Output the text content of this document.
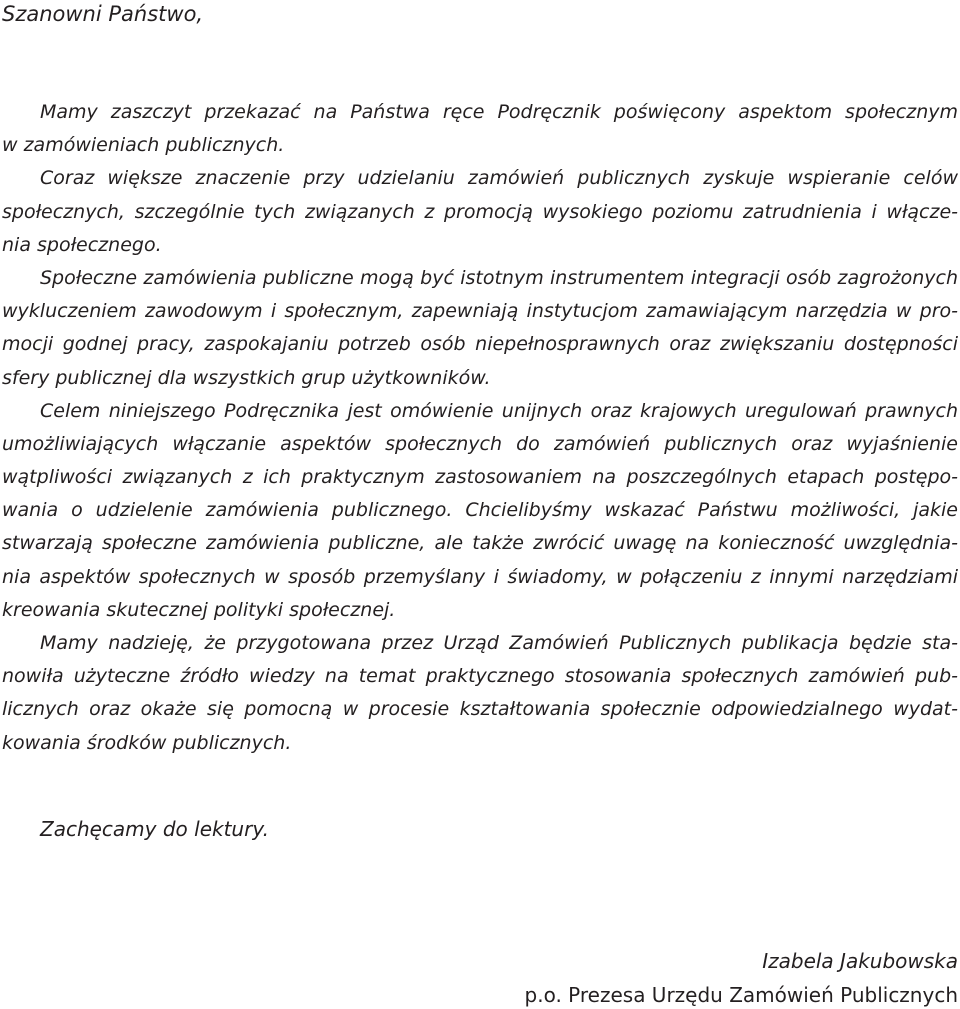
Szanowni Państwo,

Mamy zaszczyt przekazać na Państwa ręce Podręcznik poświęcony aspektom społecznym
w zamówieniach publicznych.
Coraz większe znaczenie przy udzielaniu zamówień publicznych zyskuje wspieranie celów
społecznych, szczególnie tych związanych z promocją wysokiego poziomu zatrudnienia i włącze-
nia społecznego.
Społeczne zamówienia publiczne mogą być istotnym instrumentem integracji osób zagrożonych
wykluczeniem zawodowym i społecznym, zapewniają instytucjom zamawiającym narzędzia w pro-
mocji godnej pracy, zaspokajaniu potrzeb osób niepełnosprawnych oraz zwiększaniu dostępności
sfery publicznej dla wszystkich grup użytkowników.
Celem niniejszego Podręcznika jest omówienie unijnych oraz krajowych uregulowań prawnych
umożliwiających włączanie aspektów społecznych do zamówień publicznych oraz wyjaśnienie
wątpliwości związanych z ich praktycznym zastosowaniem na poszczególnych etapach postępo-
wania o udzielenie zamówienia publicznego. Chcielibyśmy wskazać Państwu możliwości, jakie
stwarzają społeczne zamówienia publiczne, ale także zwrócić uwagę na konieczność uwzględnia-
nia aspektów społecznych w sposób przemyślany i świadomy, w połączeniu z innymi narzędziami
kreowania skutecznej polityki społecznej.
Mamy nadzieję, że przygotowana przez Urząd Zamówień Publicznych publikacja będzie sta-
nowiła użyteczne źródło wiedzy na temat praktycznego stosowania społecznych zamówień pub-
licznych oraz okaże się pomocną w procesie kształtowania społecznie odpowiedzialnego wydat-
kowania środków publicznych.

Zachęcamy do lektury.

Izabela Jakubowska

p.o. Prezesa Urzędu Zamówień Publicznych
